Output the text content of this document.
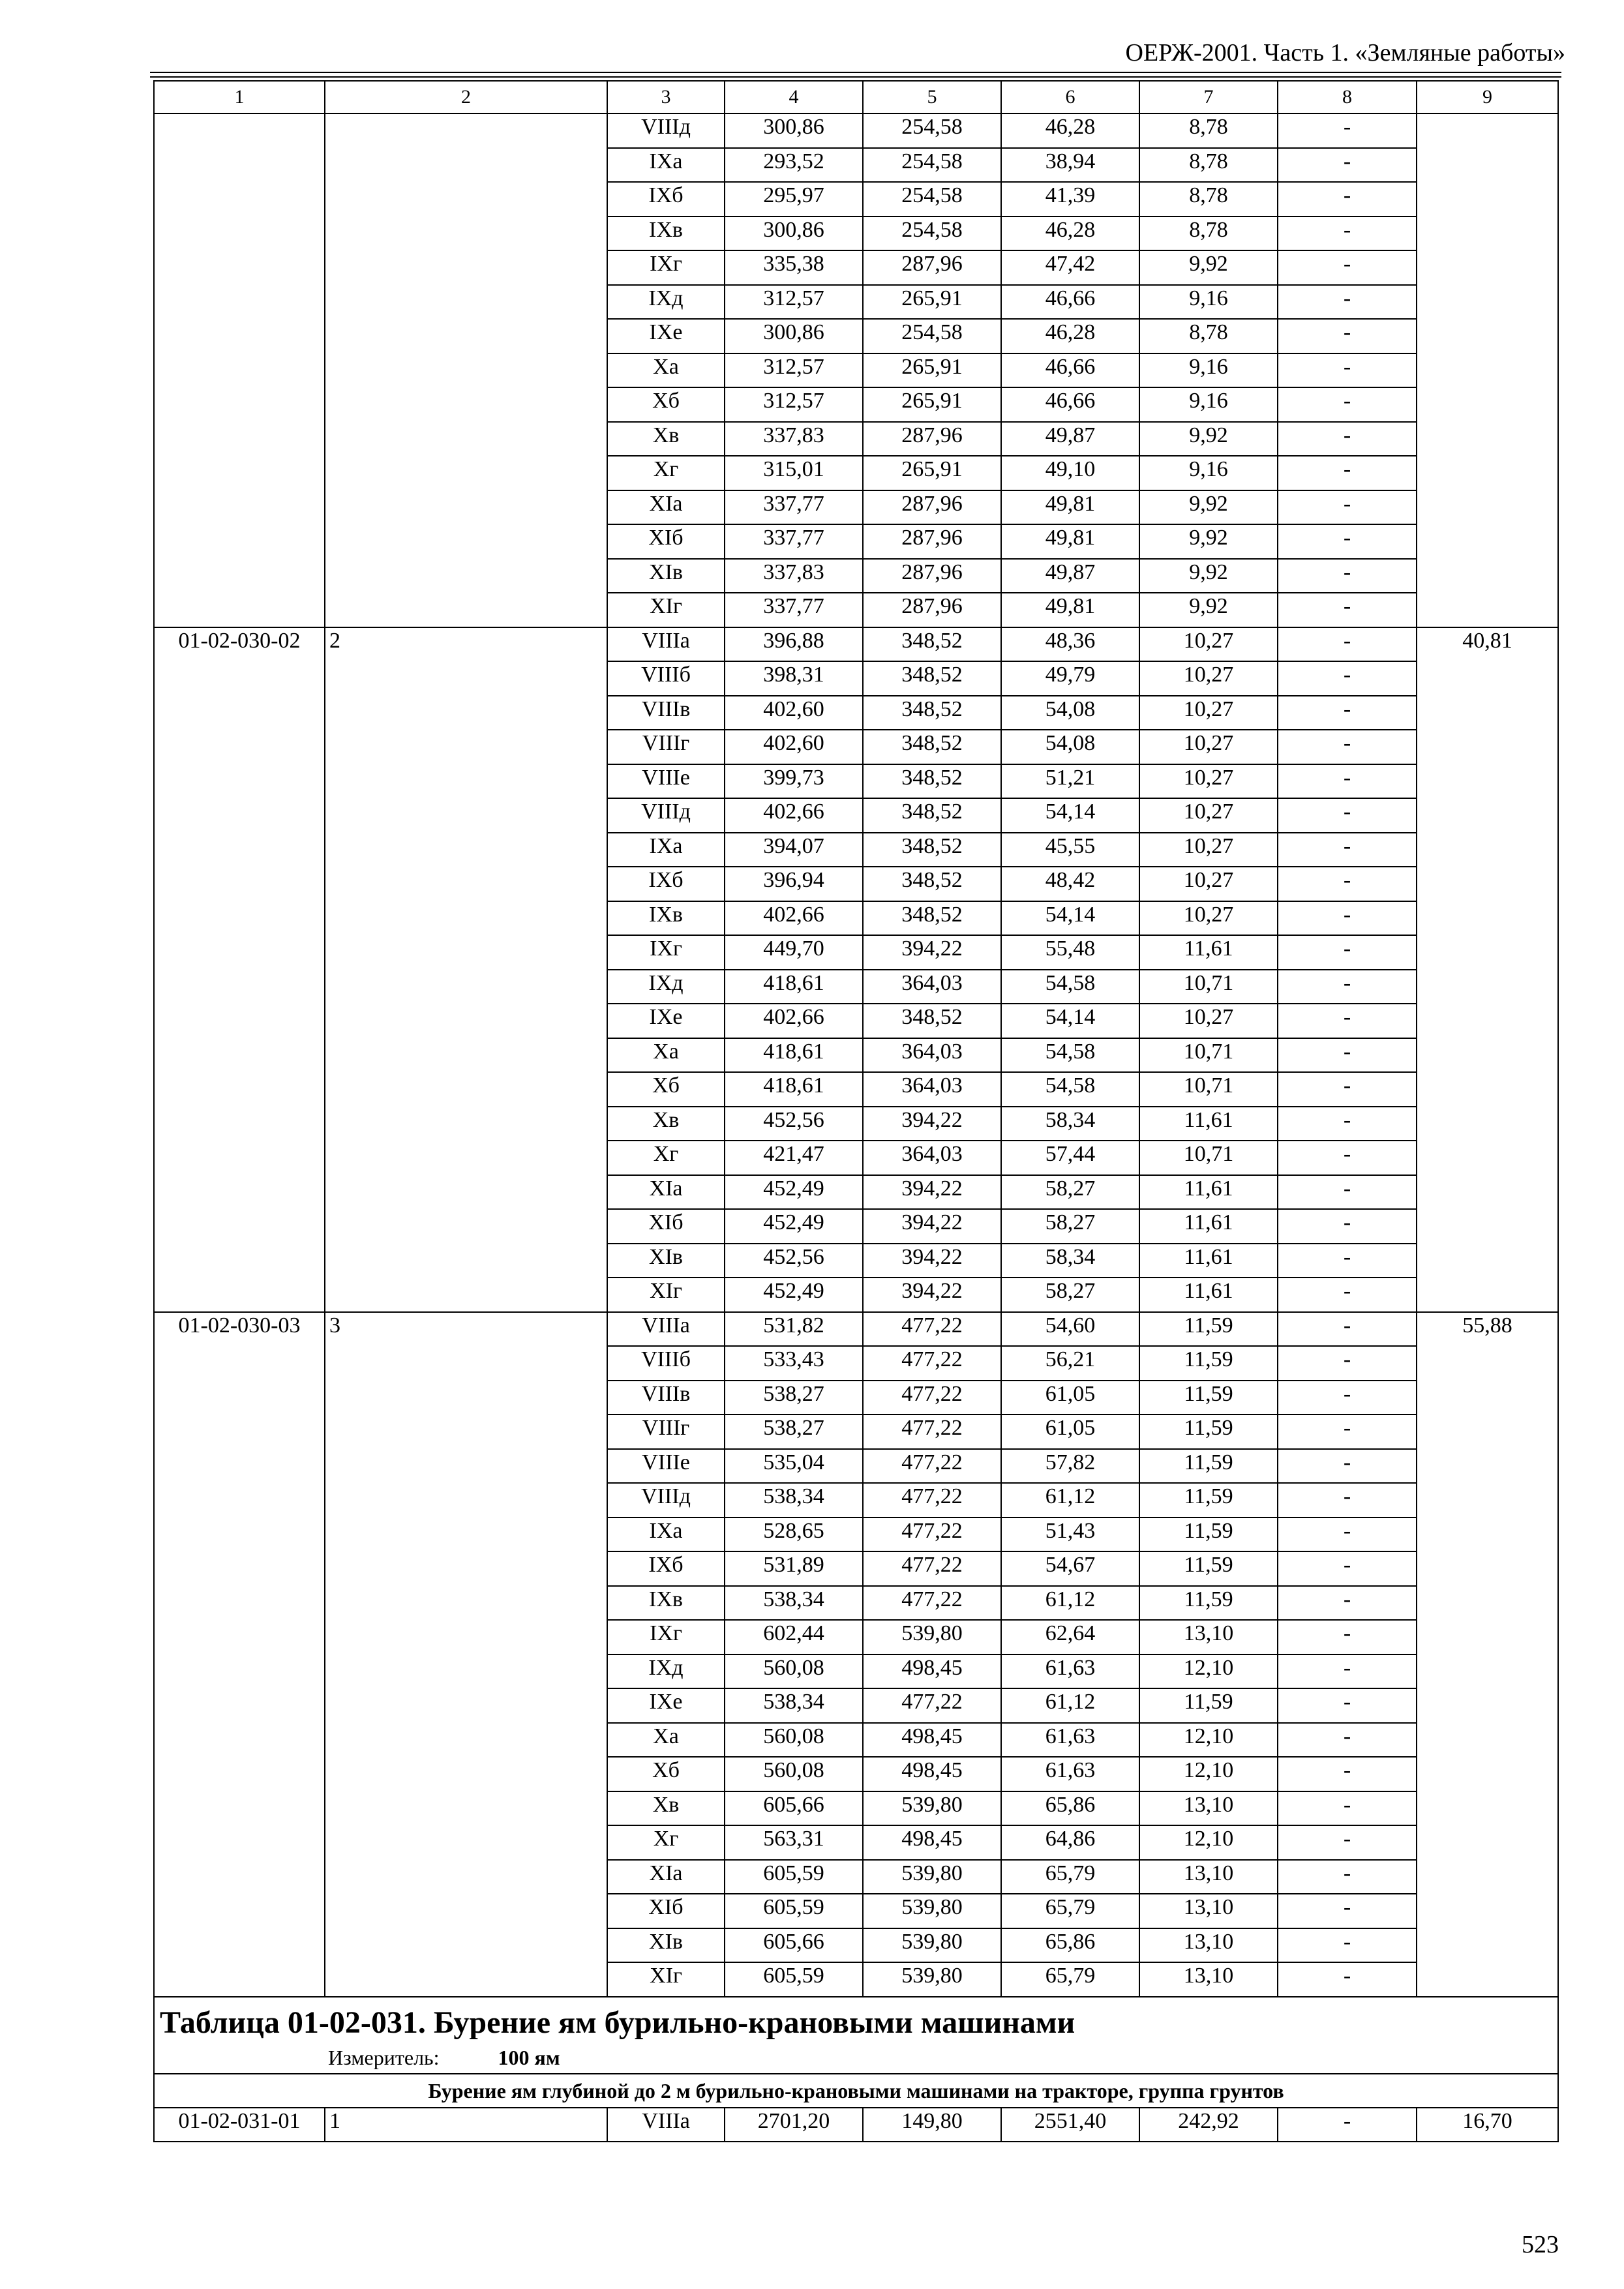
ОЕРЖ-2001. Часть 1. «Земляные работы»
1	2	3	4	5	6	7	8	9
		VIIIд	300,86	254,58	46,28	8,78	-	
		IXа	293,52	254,58	38,94	8,78	-	
		IXб	295,97	254,58	41,39	8,78	-	
		IXв	300,86	254,58	46,28	8,78	-	
		IXг	335,38	287,96	47,42	9,92	-	
		IXд	312,57	265,91	46,66	9,16	-	
		IXе	300,86	254,58	46,28	8,78	-	
		Xа	312,57	265,91	46,66	9,16	-	
		Xб	312,57	265,91	46,66	9,16	-	
		Xв	337,83	287,96	49,87	9,92	-	
		Xг	315,01	265,91	49,10	9,16	-	
		XIа	337,77	287,96	49,81	9,92	-	
		XIб	337,77	287,96	49,81	9,92	-	
		XIв	337,83	287,96	49,87	9,92	-	
		XIг	337,77	287,96	49,81	9,92	-	
01-02-030-02	2	VIIIа	396,88	348,52	48,36	10,27	-	40,81
		VIIIб	398,31	348,52	49,79	10,27	-	
		VIIIв	402,60	348,52	54,08	10,27	-	
		VIIIг	402,60	348,52	54,08	10,27	-	
		VIIIе	399,73	348,52	51,21	10,27	-	
		VIIIд	402,66	348,52	54,14	10,27	-	
		IXа	394,07	348,52	45,55	10,27	-	
		IXб	396,94	348,52	48,42	10,27	-	
		IXв	402,66	348,52	54,14	10,27	-	
		IXг	449,70	394,22	55,48	11,61	-	
		IXд	418,61	364,03	54,58	10,71	-	
		IXе	402,66	348,52	54,14	10,27	-	
		Xа	418,61	364,03	54,58	10,71	-	
		Xб	418,61	364,03	54,58	10,71	-	
		Xв	452,56	394,22	58,34	11,61	-	
		Xг	421,47	364,03	57,44	10,71	-	
		XIа	452,49	394,22	58,27	11,61	-	
		XIб	452,49	394,22	58,27	11,61	-	
		XIв	452,56	394,22	58,34	11,61	-	
		XIг	452,49	394,22	58,27	11,61	-	
01-02-030-03	3	VIIIа	531,82	477,22	54,60	11,59	-	55,88
		VIIIб	533,43	477,22	56,21	11,59	-	
		VIIIв	538,27	477,22	61,05	11,59	-	
		VIIIг	538,27	477,22	61,05	11,59	-	
		VIIIе	535,04	477,22	57,82	11,59	-	
		VIIIд	538,34	477,22	61,12	11,59	-	
		IXа	528,65	477,22	51,43	11,59	-	
		IXб	531,89	477,22	54,67	11,59	-	
		IXв	538,34	477,22	61,12	11,59	-	
		IXг	602,44	539,80	62,64	13,10	-	
		IXд	560,08	498,45	61,63	12,10	-	
		IXе	538,34	477,22	61,12	11,59	-	
		Xа	560,08	498,45	61,63	12,10	-	
		Xб	560,08	498,45	61,63	12,10	-	
		Xв	605,66	539,80	65,86	13,10	-	
		Xг	563,31	498,45	64,86	12,10	-	
		XIа	605,59	539,80	65,79	13,10	-	
		XIб	605,59	539,80	65,79	13,10	-	
		XIв	605,66	539,80	65,86	13,10	-	
		XIг	605,59	539,80	65,79	13,10	-	

Таблица 01-02-031. Бурение ям бурильно-крановыми машинами
Измеритель: 100 ям								

Бурение ям глубиной до 2 м бурильно-крановыми машинами на тракторе, группа грунтов								
01-02-031-01	1	VIIIа	2701,20	149,80	2551,40	242,92	-	16,70
523
